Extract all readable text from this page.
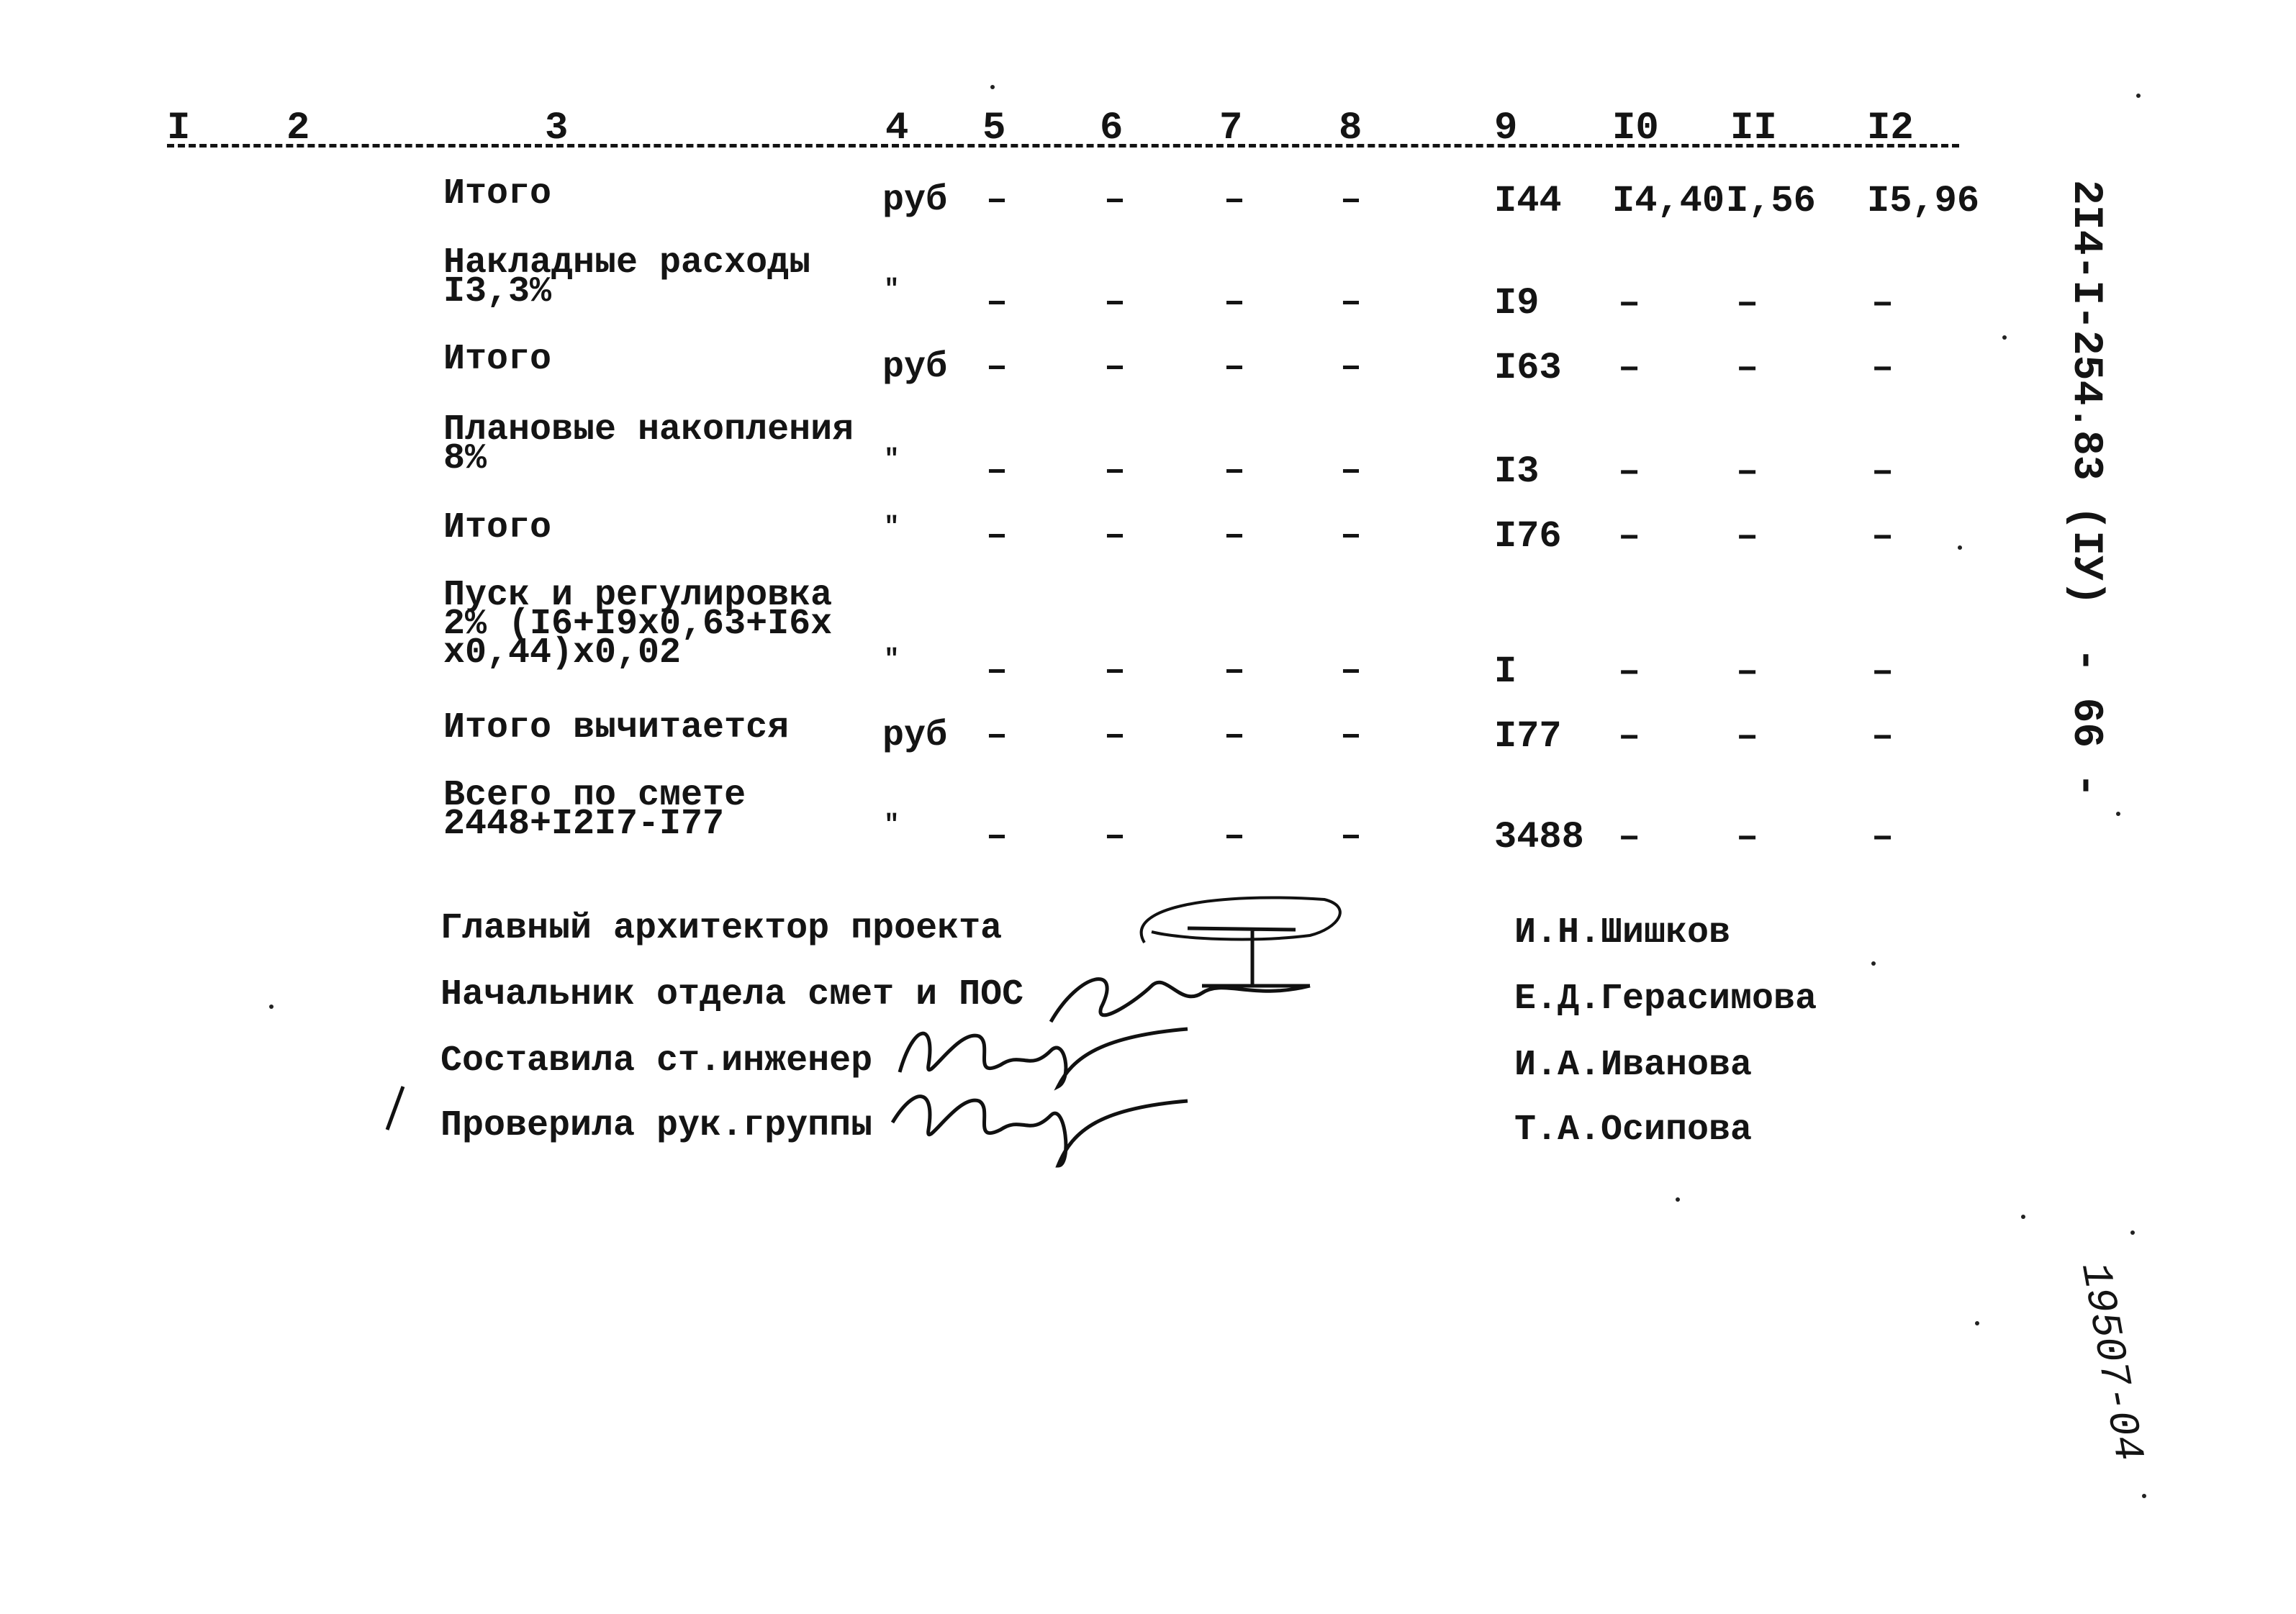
I 2	3	4 5 6 7 8	9 I0 II I2
Итого	руб –	–	–	–	I44 I4,40 I,56 I5,96
Накладные расходы
I3,3%	" –	–	–	–	I9 –	–	–
Итого	руб –	–	–	–	I63 –	–	–
Плановые накопления
8%	" –	–	–	–	I3 –	–	–
Итого	" –	–	–	–	I76 –	–	–
Пуск и регулировка
2% (I6+I9x0,63+I6x
x0,44)x0,02	" –	–	–	–	I	–	–	–
Итого вычитается	руб –	–	–	–	I77 –	–	–
Всего по смете
2448+I2I7-I77	" –	–	–	–	3488 –	–	–
Главный архитектор проекта	И.Н.Шишков
Начальник отдела смет и ПОС	Е.Д.Герасимова
Составила ст.инженер	И.А.Иванова
Проверила рук.группы	Т.А.Осипова
2I4-I-254.83 (IУ)
- 66 -
19507-04
